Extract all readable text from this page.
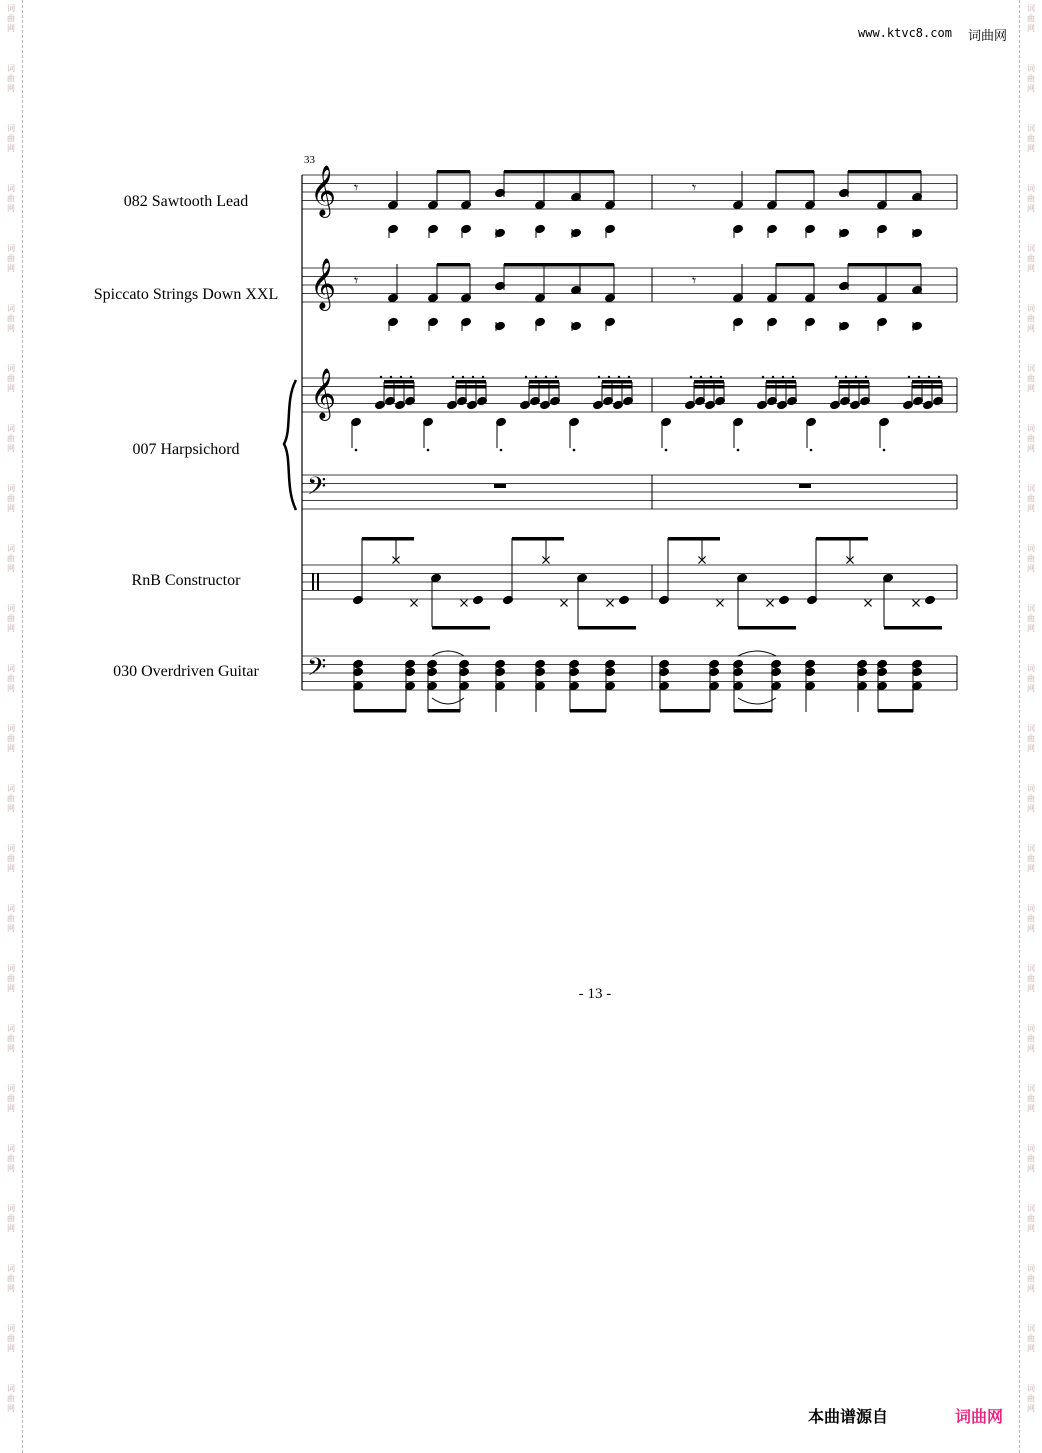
词
曲
网
词
曲
网
词
曲
网
词
曲
网
词
曲
网
词
曲
网
词
曲
网
词
曲
网
词
曲
网
词
曲
网
词
曲
网
词
曲
网
词
曲
网
词
曲
网
词
曲
网
词
曲
网
词
曲
网
词
曲
网
词
曲
网
词
曲
网
词
曲
网
词
曲
网
词
曲
网
词
曲
网
词
曲
网
词
曲
网
词
曲
网
词
曲
网
词
曲
网
词
曲
网
词
曲
网
词
曲
网
词
曲
网
词
曲
网
词
曲
网
词
曲
网
词
曲
网
词
曲
网
词
曲
网
词
曲
网
词
曲
网
词
曲
网
词
曲
网
词
曲
网
词
曲
网
词
曲
网
词
曲
网
词
曲
网
www.ktvc8.com 词曲网
33
082 Sawtooth Lead
Spiccato Strings Down XXL
007 Harpsichord
RnB Constructor
030 Overdriven Guitar
𝄞
𝄞
𝄞
𝄢
𝄢
𝄾	𝄾
𝄾	𝄾
- 13 -
本曲谱源自	词曲网
